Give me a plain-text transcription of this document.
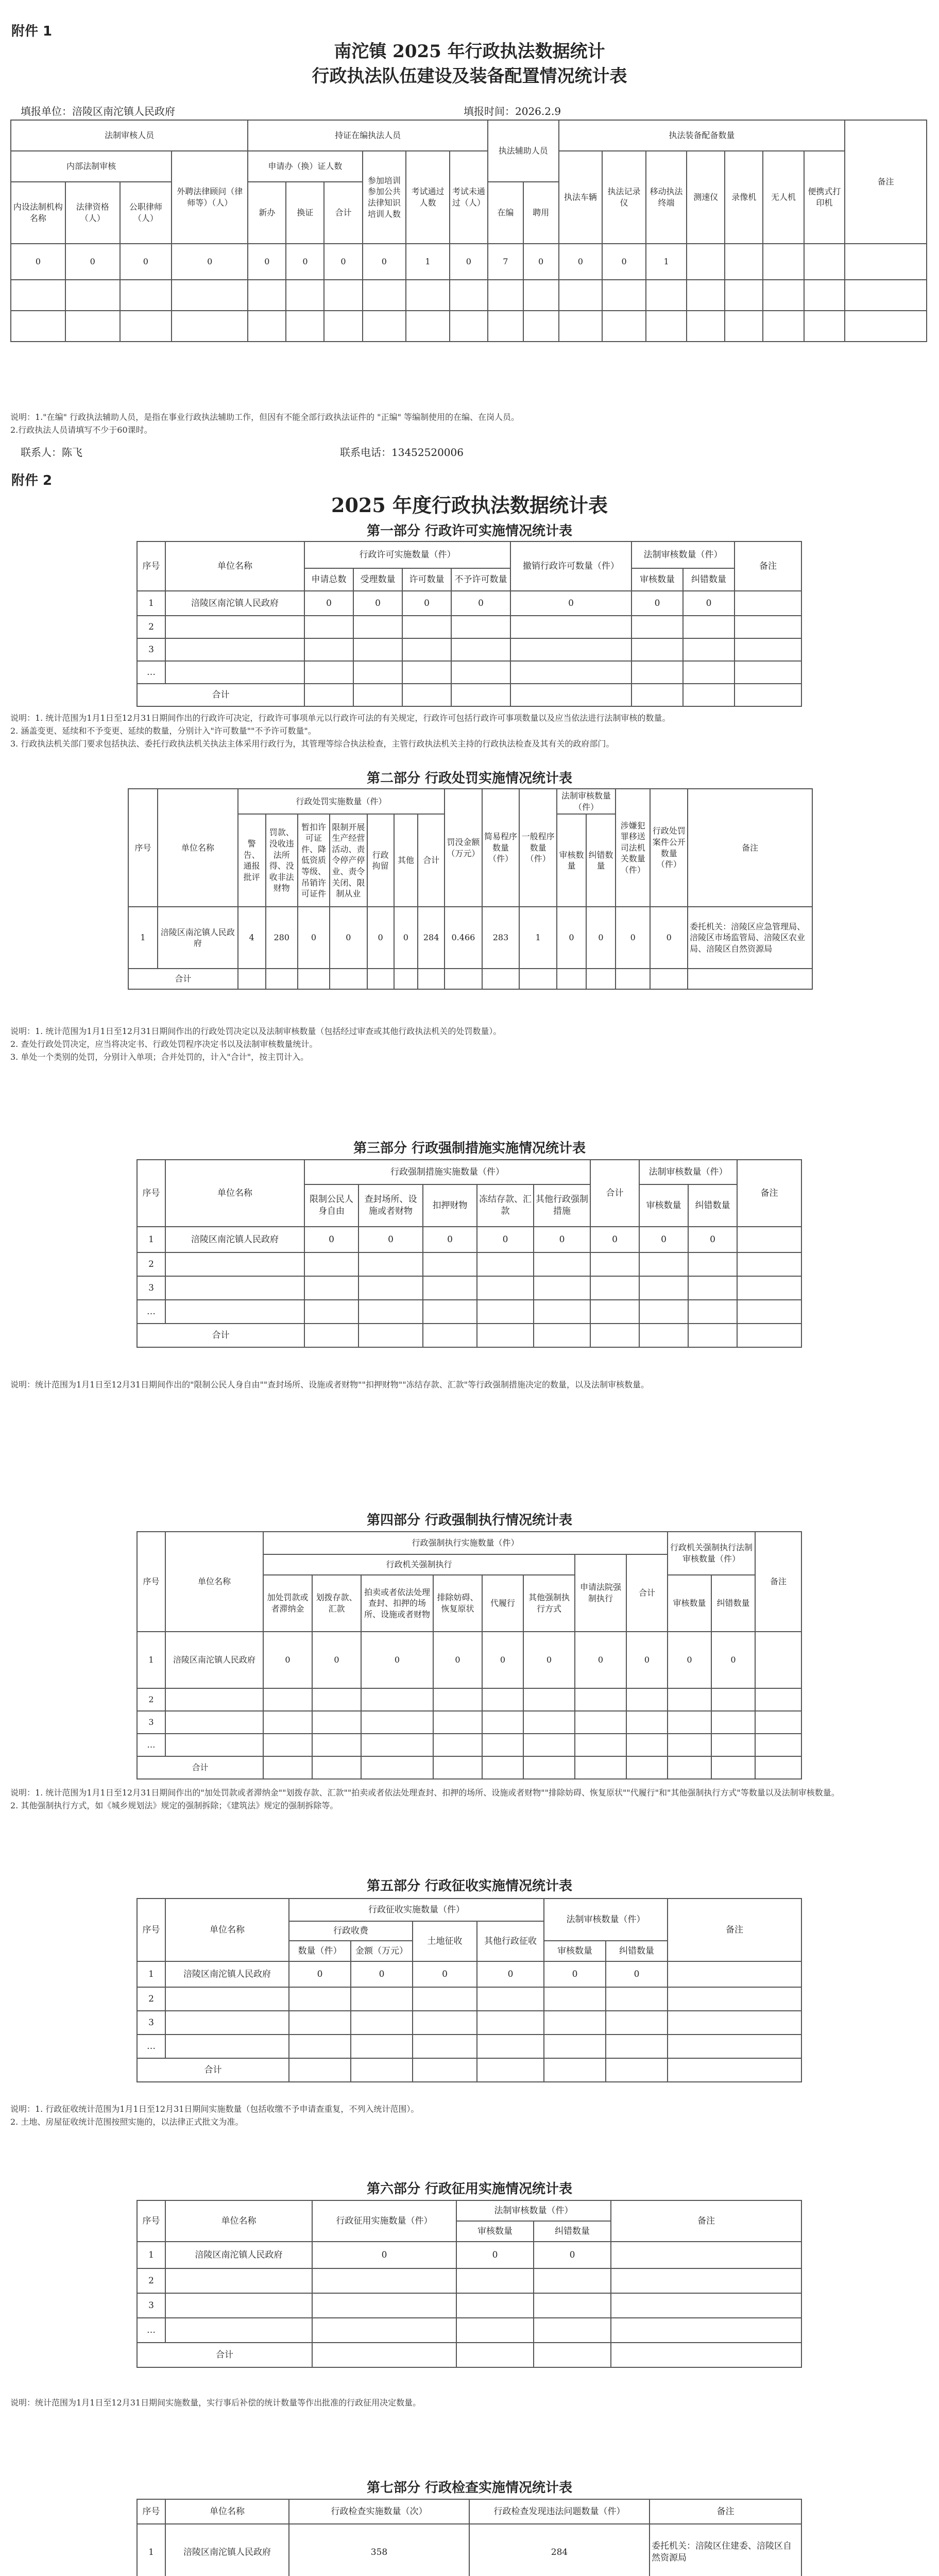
附件 1
南沱镇 2025 年行政执法数据统计
行政执法队伍建设及装备配置情况统计表
填报单位：涪陵区南沱镇人民政府	填报时间：2026.2.9
法制审核人员				持证在编执法人员						执法辅助人员		执法装备配备数量							备注
内部法制审核			外聘法律顾问（律师等）（人）	申请办（换）证人数			参加培训参加公共法律知识培训人数	考试通过人数	考试未通过（人）			执法车辆	执法记录仪	移动执法终端	测速仪	录像机	无人机	便携式打印机	
内设法制机构名称	法律资格（人）	公职律师（人）		新办	换证	合计				在编	聘用								
0	0	0	0	0	0	0	0	1	0	7	0	0	0	1					

说明：1."在编" 行政执法辅助人员，是指在事业行政执法辅助工作，但因有不能全部行政执法证件的 "正编" 等编制使用的在编、在岗人员。
2.行政执法人员请填写不少于60课时。
联系人：陈飞	联系电话：13452520006
附件 2
2025 年度行政执法数据统计表
第一部分 行政许可实施情况统计表
序号	单位名称	行政许可实施数量（件）				撤销行政许可数量（件）	法制审核数量（件）		备注
		申请总数	受理数量	许可数量	不予许可数量		审核数量	纠错数量	
1	涪陵区南沱镇人民政府	0	0	0	0	0	0	0	
2									
3									
…									
合计									
说明：1. 统计范围为1月1日至12月31日期间作出的行政许可决定，行政许可事项单元以行政许可法的有关规定，行政许可包括行政许可事项数量以及应当依法进行法制审核的数量。
2. 涵盖变更、延续和不予变更、延续的数量，分别计入"许可数量""不予许可数量"。
3. 行政执法机关部门要求包括执法、委托行政执法机关执法主体采用行政行为，其管理等综合执法检查，主管行政执法机关主持的行政执法检查及其有关的政府部门。
第二部分 行政处罚实施情况统计表
序号	单位名称	行政处罚实施数量（件）							罚没金额（万元）	简易程序数量（件）	一般程序数量（件）	法制审核数量（件）		涉嫌犯罪移送司法机关数量（件）	行政处罚案件公开数量（件）	备注
		警告、通报批评	罚款、没收违法所得、没收非法财物	暂扣许可证件、降低资质等级、吊销许可证件	限制开展生产经营活动、责令停产停业、责令关闭、限制从业	行政拘留	其他	合计				审核数量	纠错数量			
1	涪陵区南沱镇人民政府	4	280	0	0	0	0	284	0.466	283	1	0	0	0	0	委托机关：涪陵区应急管理局、涪陵区市场监管局、涪陵区农业局、涪陵区自然资源局
合计																
说明：1. 统计范围为1月1日至12月31日期间作出的行政处罚决定以及法制审核数量（包括经过审查或其他行政执法机关的处罚数量）。
2. 查处行政处罚决定，应当将决定书、行政处罚程序决定书以及法制审核数量统计。
3. 单处一个类别的处罚，分别计入单项；合并处罚的，计入"合计"，按主罚计入。
第三部分 行政强制措施实施情况统计表
序号	单位名称	行政强制措施实施数量（件）					合计	法制审核数量（件）		备注
		限制公民人身自由	查封场所、设施或者财物	扣押财物	冻结存款、汇款	其他行政强制措施		审核数量	纠错数量	
1	涪陵区南沱镇人民政府	0	0	0	0	0	0	0	0	
2										
3										
…										
合计										
说明：统计范围为1月1日至12月31日期间作出的"限制公民人身自由""查封场所、设施或者财物""扣押财物""冻结存款、汇款"等行政强制措施决定的数量，以及法制审核数量。
第四部分 行政强制执行情况统计表
序号	单位名称	行政强制执行实施数量（件）								行政机关强制执行法制审核数量（件）		备注
		行政机关强制执行						申请法院强制执行	合计			
		加处罚款或者滞纳金	划拨存款、汇款	拍卖或者依法处理查封、扣押的场所、设施或者财物	排除妨碍、恢复原状	代履行	其他强制执行方式			审核数量	纠错数量	
1	涪陵区南沱镇人民政府	0	0	0	0	0	0	0	0	0	0	
2												
3												
…												
合计												
说明：1. 统计范围为1月1日至12月31日期间作出的"加处罚款或者滞纳金""划拨存款、汇款""拍卖或者依法处理查封、扣押的场所、设施或者财物""排除妨碍、恢复原状""代履行"和"其他强制执行方式"等数量以及法制审核数量。
2. 其他强制执行方式，如《城乡规划法》规定的强制拆除；《建筑法》规定的强制拆除等。
第五部分 行政征收实施情况统计表
序号	单位名称	行政征收实施数量（件）				法制审核数量（件）		备注
		行政收费		土地征收	其他行政征收			
		数量（件）	金额（万元）			审核数量	纠错数量	
1	涪陵区南沱镇人民政府	0	0	0	0	0	0	
2								
3								
…								
合计								
说明：1. 行政征收统计范围为1月1日至12月31日期间实施数量（包括收缴不予申请查重复，不列入统计范围）。
2. 土地、房屋征收统计范围按照实施的，以法律正式批文为准。
第六部分 行政征用实施情况统计表
序号	单位名称	行政征用实施数量（件）	法制审核数量（件）		备注
			审核数量	纠错数量	
1	涪陵区南沱镇人民政府	0	0	0	
2					
3					
…					
合计					
说明：统计范围为1月1日至12月31日期间实施数量，实行事后补偿的统计数量等作出批准的行政征用决定数量。
第七部分 行政检查实施情况统计表
序号	单位名称	行政检查实施数量（次）	行政检查发现违法问题数量（件）	备注
1	涪陵区南沱镇人民政府	358	284	委托机关：涪陵区住建委、涪陵区自然资源局
